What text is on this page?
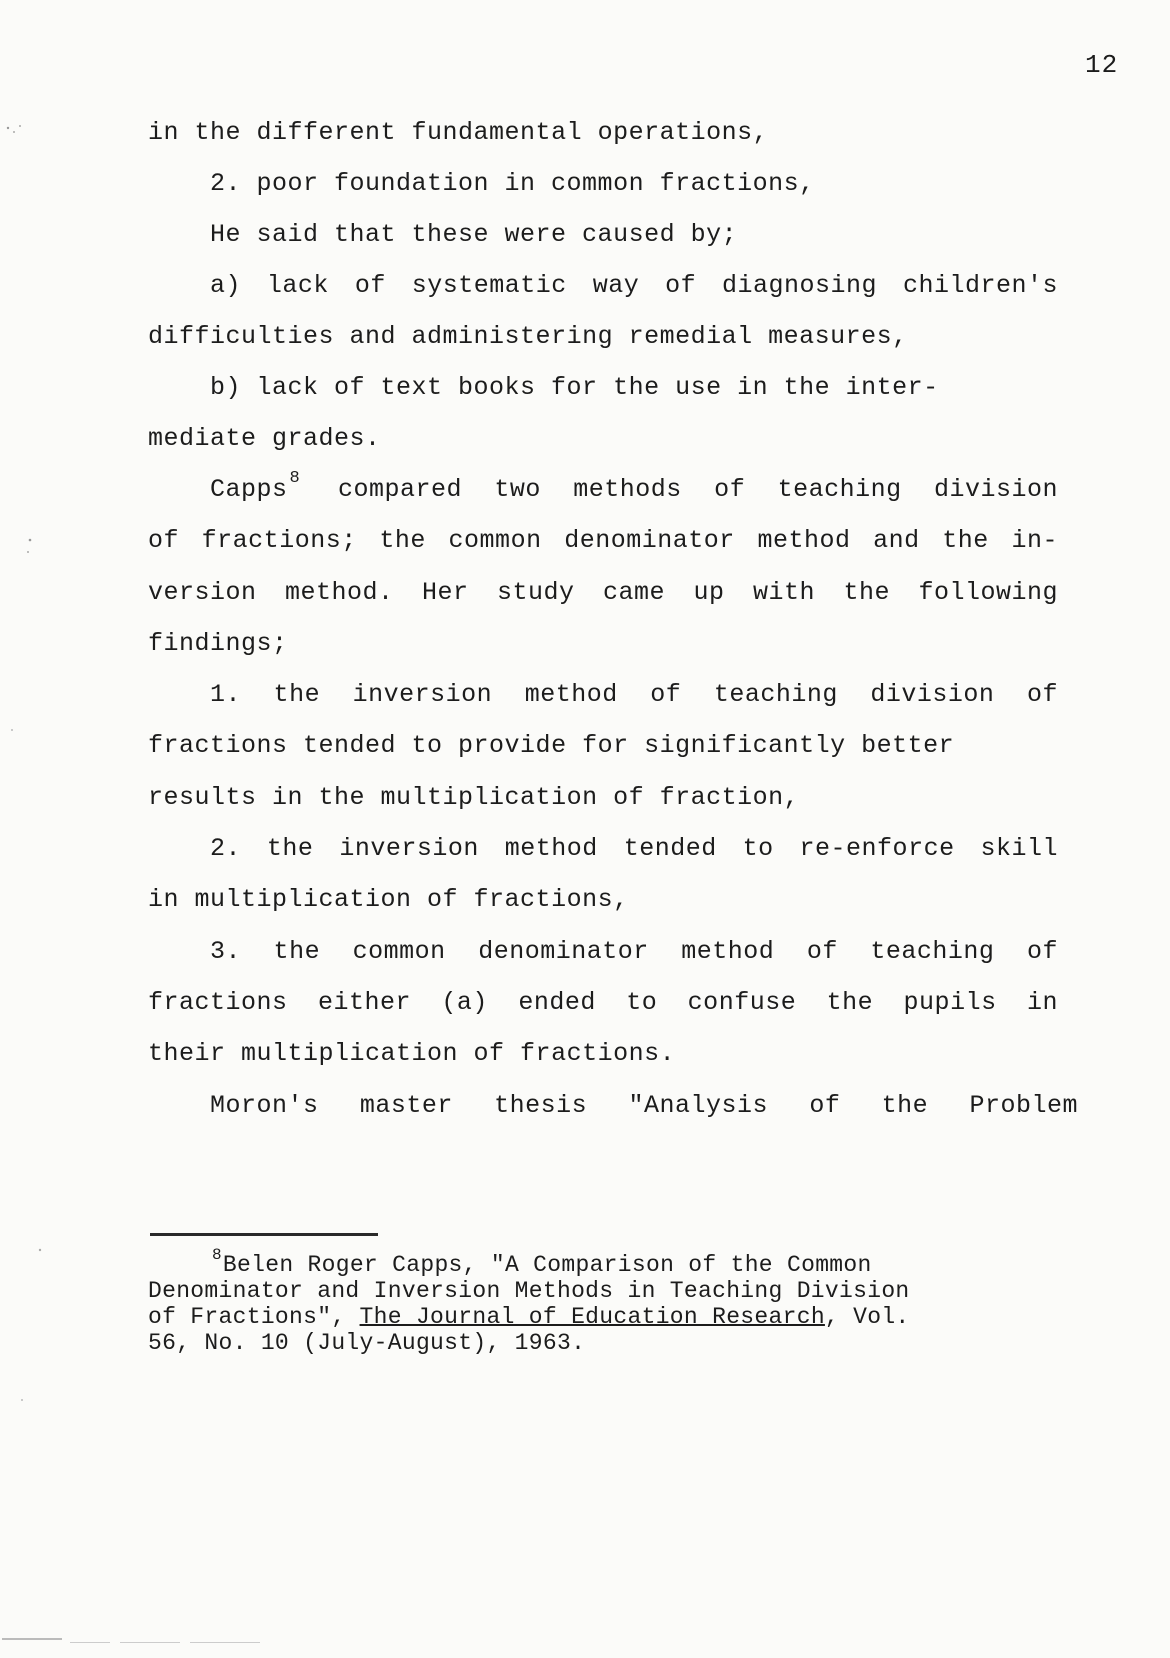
12
in the different fundamental operations,
2. poor foundation in common fractions,
He said that these were caused by;
a) lack of systematic way of diagnosing children's
difficulties and administering remedial measures,
b) lack of text books for the use in the inter-
mediate grades.
Capps $^8$ compared two methods of teaching division
of fractions; the common denominator method and the in-
version method. Her study came up with the following
findings;
1. the inversion method of teaching division of
fractions tended to provide for significantly better
results in the multiplication of fraction,
2. the inversion method tended to re-enforce skill
in multiplication of fractions,
3. the common denominator method of teaching of
fractions either (a) ended to confuse the pupils in
their multiplication of fractions.
Moron's master thesis "Analysis of the Problem
$^8$Belen Roger Capps, "A Comparison of the Common
Denominator and Inversion Methods in Teaching Division
of Fractions", The Journal of Education Research, Vol.
56, No. 10 (July-August), 1963.
